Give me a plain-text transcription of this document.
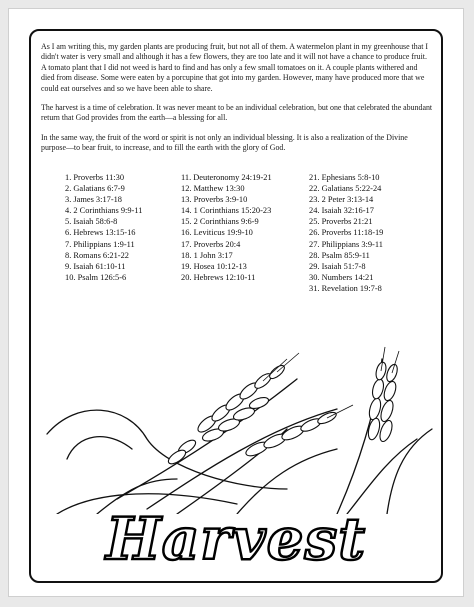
As I am writing this, my garden plants are producing fruit, but not all of them. A watermelon plant in my greenhouse that I didn't water is very small and although it has a few flowers, they are too late and it will not have a chance to produce fruit. A tomato plant that I did not weed is hard to find and has only a few small tomatoes on it. A couple plants withered and died from disease. Some were eaten by a porcupine that got into my garden. However, many have produced more that we could eat ourselves and so we have been able to share.

The harvest is a time of celebration. It was never meant to be an individual celebration, but one that celebrated the abundant return that God provides from the earth—a blessing for all.

In the same way, the fruit of the word or spirit is not only an individual blessing. It is also a realization of the Divine purpose—to bear fruit, to increase, and to fill the earth with the glory of God.

1. Proverbs 11:30
2. Galatians 6:7-9
3. James 3:17-18
4. 2 Corinthians 9:9-11
5. Isaiah 58:6-8
6. Hebrews 13:15-16
7. Philippians 1:9-11
8. Romans 6:21-22
9. Isaiah 61:10-11
10. Psalm 126:5-6
11. Deuteronomy 24:19-21
12. Matthew 13:30
13. Proverbs 3:9-10
14. 1 Corinthians 15:20-23
15. 2 Corinthians 9:6-9
16. Leviticus 19:9-10
17. Proverbs 20:4
18. 1 John 3:17
19. Hosea 10:12-13
20. Hebrews 12:10-11
21. Ephesians 5:8-10
22. Galatians 5:22-24
23. 2 Peter 3:13-14
24. Isaiah 32:16-17
25. Proverbs 21:21
26. Proverbs 11:18-19
27. Philippians 3:9-11
28. Psalm 85:9-11
29. Isaiah 51:7-8
30. Numbers 14:21
31. Revelation 19:7-8
Harvest
